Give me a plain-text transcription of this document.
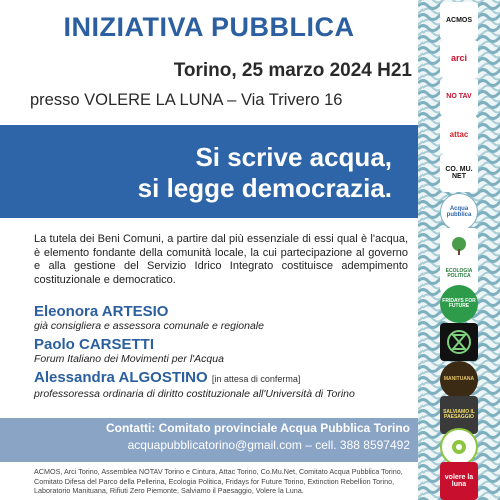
INIZIATIVA PUBBLICA
Torino, 25 marzo 2024 H21
presso VOLERE LA LUNA – Via Trivero 16
Si scrive acqua,
si legge democrazia.
La tutela dei Beni Comuni, a partire dal più essenziale di essi qual è l'acqua, è elemento fondante della comunità locale, la cui partecipazione al governo e alla gestione del Servizio Idrico Integrato costituisce adempimento costituzionale e democratico.
Eleonora ARTESIO
già consigliera e assessora comunale e regionale
Paolo CARSETTI
Forum Italiano dei Movimenti per l'Acqua
Alessandra ALGOSTINO [in attesa di conferma]
professoressa ordinaria di diritto costituzionale all'Università di Torino
Contatti: Comitato provinciale Acqua Pubblica Torino
acquapubblicatorino@gmail.com – cell. 388 8597492
ACMOS, Arci Torino, Assemblea NOTAV Torino e Cintura, Attac Torino, Co.Mu.Net, Comitato Acqua Pubblica Torino, Comitato Difesa del Parco della Pellerina, Ecologia Politica, Fridays for Future Torino, Extinction Rebellion Torino, Laboratorio Manituana, Rifiuti Zero Piemonte, Salviamo il Paesaggio, Volere la Luna.
ACMOS
arci
NO TAV
attac
CO. MU. NET
Acqua pubblica
ECOLOGIA POLITICA
FRIDAYS FOR FUTURE
MANITUANA
SALVIAMO IL PAESAGGIO
volere la luna
